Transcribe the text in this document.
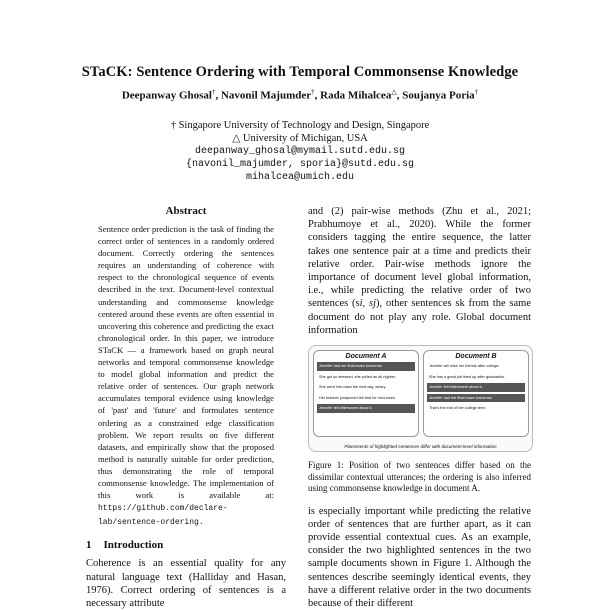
STaCK: Sentence Ordering with Temporal Commonsense Knowledge
Deepanway Ghosal†, Navonil Majumder†, Rada Mihalcea△, Soujanya Poria†
† Singapore University of Technology and Design, Singapore
△ University of Michigan, USA
deepanway_ghosal@mymail.sutd.edu.sg
{navonil_majumder, sporia}@sutd.edu.sg
mihalcea@umich.edu
Abstract

Sentence order prediction is the task of finding the correct order of sentences in a randomly ordered document. Correctly ordering the sentences requires an understanding of coherence with respect to the chronological sequence of events described in the text. Document-level contextual understanding and commonsense knowledge centered around these events are often essential in uncovering this coherence and predicting the exact chronological order. In this paper, we introduce STaCK — a framework based on graph neural networks and temporal commonsense knowledge to model global information and predict the relative order of sentences. Our graph network accumulates temporal evidence using knowledge of 'past' and 'future' and formulates sentence ordering as a constrained edge classification problem. We report results on five different datasets, and empirically show that the proposed method is naturally suitable for order prediction, thus demonstrating the role of temporal commonsense knowledge. The implementation of this work is available at: https://github.com/declare-lab/sentence-ordering.

1 Introduction

Coherence is an essential quality for any natural language text (Halliday and Hasan, 1976). Correct ordering of sentences is a necessary attribute

and (2) pair-wise methods (Zhu et al., 2021; Prabhumoye et al., 2020). While the former considers tagging the entire sequence, the latter takes one sentence pair at a time and predicts their relative order. Pair-wise methods ignore the importance of document level global information, i.e., while predicting the relative order of two sentences (si, sj), other sentences sk from the same document do not play any role. Global document information

Document A
Jennifer had her final exam tomorrow.
She got so stressed, she pulled an all-nighter.
She went into class the next day, weary.
Her teacher postponed the test for next week.
Jennifer felt bittersweet about it.
Document B
Jennifer will miss her friends after college.
She has a great job lined up after graduation.
Jennifer felt bittersweet about it.
Jennifer had her final exam tomorrow.
That's the end of her college term.
Placements of highlighted sentences differ with document-level information

Figure 1: Position of two sentences differ based on the dissimilar contextual utterances; the ordering is also inferred using commonsense knowledge in document A.

is especially important while predicting the relative order of sentences that are further apart, as it can provide essential contextual cues. As an example, consider the two highlighted sentences in the two sample documents shown in Figure 1. Although the sentences describe seemingly identical events, they have a different relative order in the two documents because of their different
